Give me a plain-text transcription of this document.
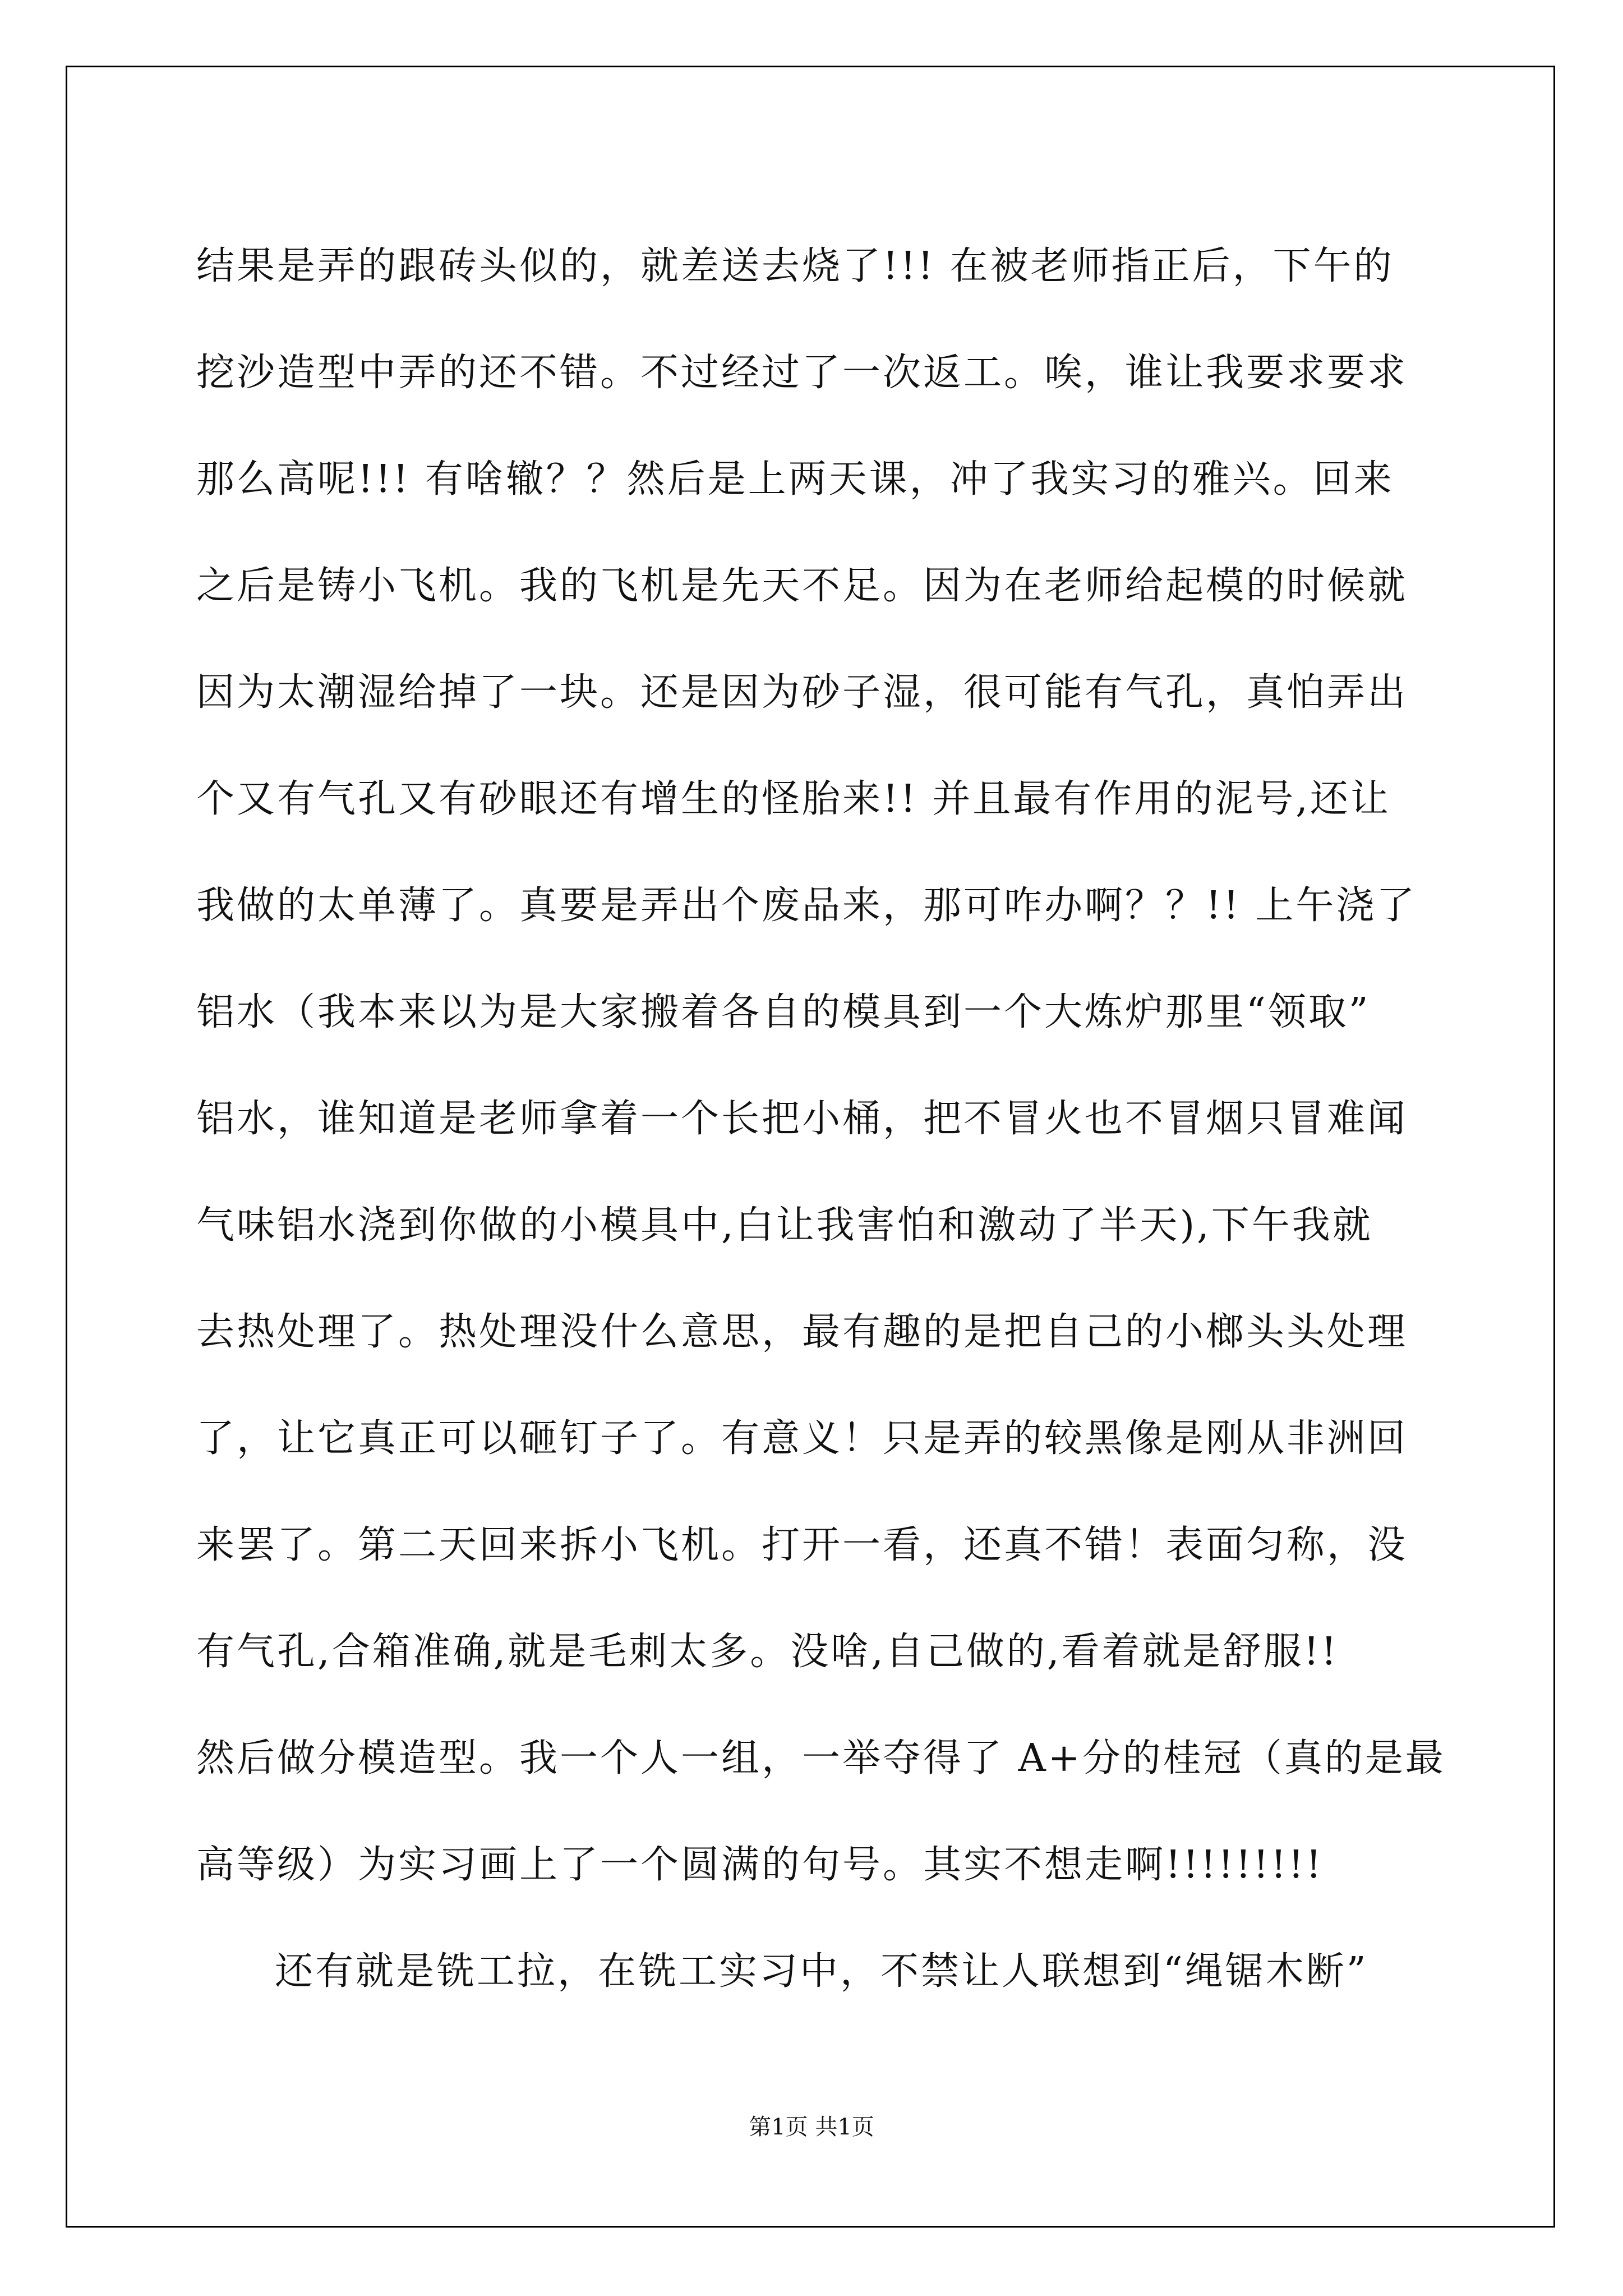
结果是弄的跟砖头似的，就差送去烧了!!! 在被老师指正后，下午的
挖沙造型中弄的还不错。不过经过了一次返工。唉，谁让我要求要求
那么高呢!!! 有啥辙？？然后是上两天课，冲了我实习的雅兴。回来
之后是铸小飞机。我的飞机是先天不足。因为在老师给起模的时候就
因为太潮湿给掉了一块。还是因为砂子湿，很可能有气孔，真怕弄出
个又有气孔又有砂眼还有增生的怪胎来!! 并且最有作用的泥号,还让
我做的太单薄了。真要是弄出个废品来，那可咋办啊？？!! 上午浇了
铝水（我本来以为是大家搬着各自的模具到一个大炼炉那里“领取”
铝水，谁知道是老师拿着一个长把小桶，把不冒火也不冒烟只冒难闻
气味铝水浇到你做的小模具中,白让我害怕和激动了半天),下午我就
去热处理了。热处理没什么意思，最有趣的是把自己的小榔头头处理
了，让它真正可以砸钉子了。有意义！只是弄的较黑像是刚从非洲回
来罢了。第二天回来拆小飞机。打开一看，还真不错！表面匀称，没
有气孔,合箱准确,就是毛刺太多。没啥,自己做的,看着就是舒服!!
然后做分模造型。我一个人一组，一举夺得了 A+分的桂冠（真的是最
高等级）为实习画上了一个圆满的句号。其实不想走啊!!!!!!!!!
还有就是铣工拉，在铣工实习中，不禁让人联想到“绳锯木断”
第1页 共1页
